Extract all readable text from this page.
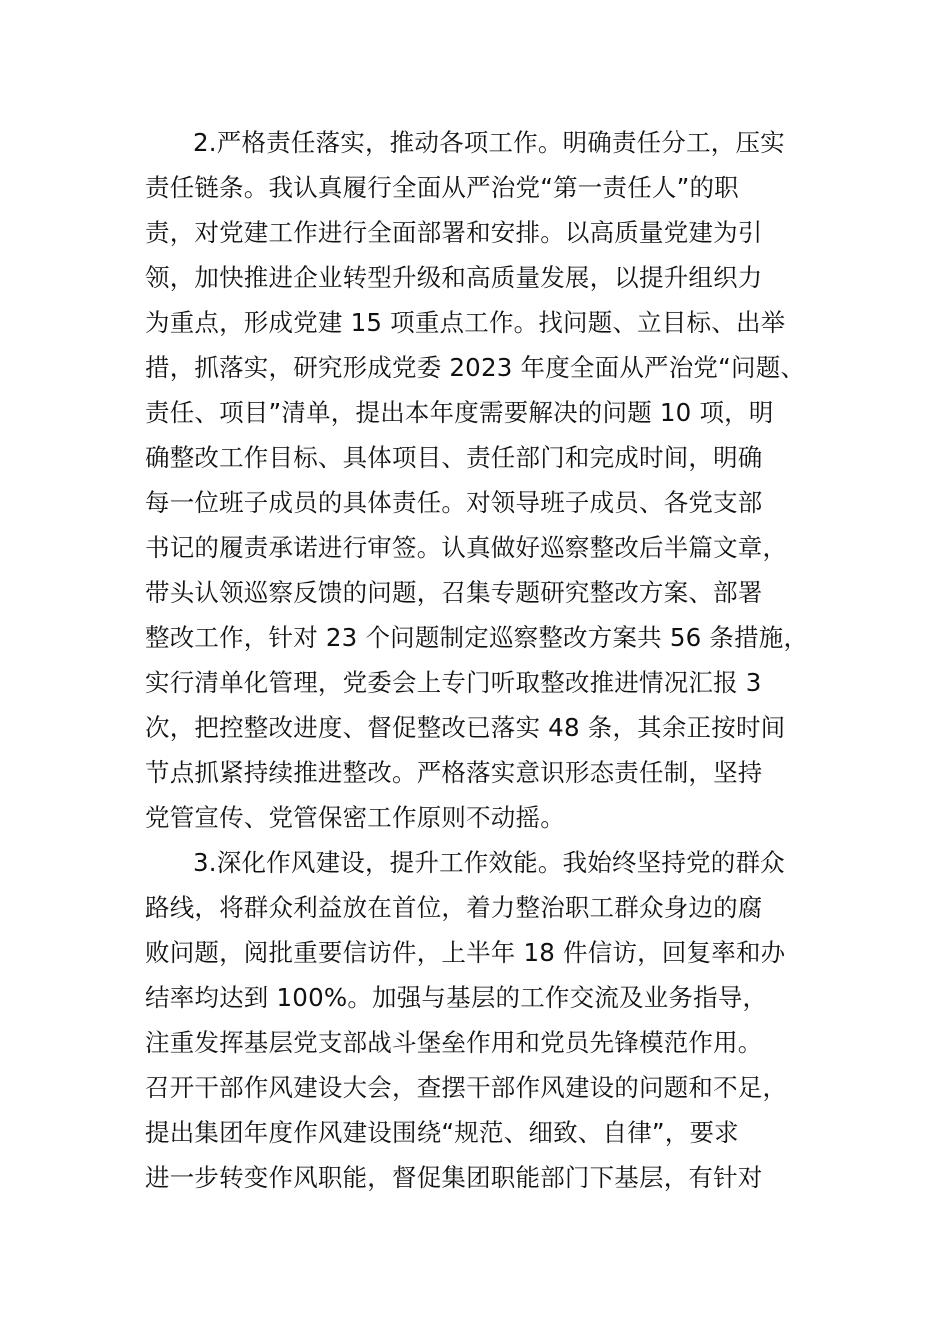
2.严格责任落实，推动各项工作。明确责任分工，压实
责任链条。我认真履行全面从严治党“第一责任人”的职
责，对党建工作进行全面部署和安排。以高质量党建为引
领，加快推进企业转型升级和高质量发展，以提升组织力
为重点，形成党建 15 项重点工作。找问题、立目标、出举
措，抓落实，研究形成党委 2023 年度全面从严治党“问题、
责任、项目”清单，提出本年度需要解决的问题 10 项，明
确整改工作目标、具体项目、责任部门和完成时间，明确
每一位班子成员的具体责任。对领导班子成员、各党支部
书记的履责承诺进行审签。认真做好巡察整改后半篇文章，
带头认领巡察反馈的问题，召集专题研究整改方案、部署
整改工作，针对 23 个问题制定巡察整改方案共 56 条措施，
实行清单化管理，党委会上专门听取整改推进情况汇报 3
次，把控整改进度、督促整改已落实 48 条，其余正按时间
节点抓紧持续推进整改。严格落实意识形态责任制，坚持
党管宣传、党管保密工作原则不动摇。
3.深化作风建设，提升工作效能。我始终坚持党的群众
路线，将群众利益放在首位，着力整治职工群众身边的腐
败问题，阅批重要信访件，上半年 18 件信访，回复率和办
结率均达到 100%。加强与基层的工作交流及业务指导，
注重发挥基层党支部战斗堡垒作用和党员先锋模范作用。
召开干部作风建设大会，查摆干部作风建设的问题和不足，
提出集团年度作风建设围绕“规范、细致、自律”，要求
进一步转变作风职能，督促集团职能部门下基层，有针对
